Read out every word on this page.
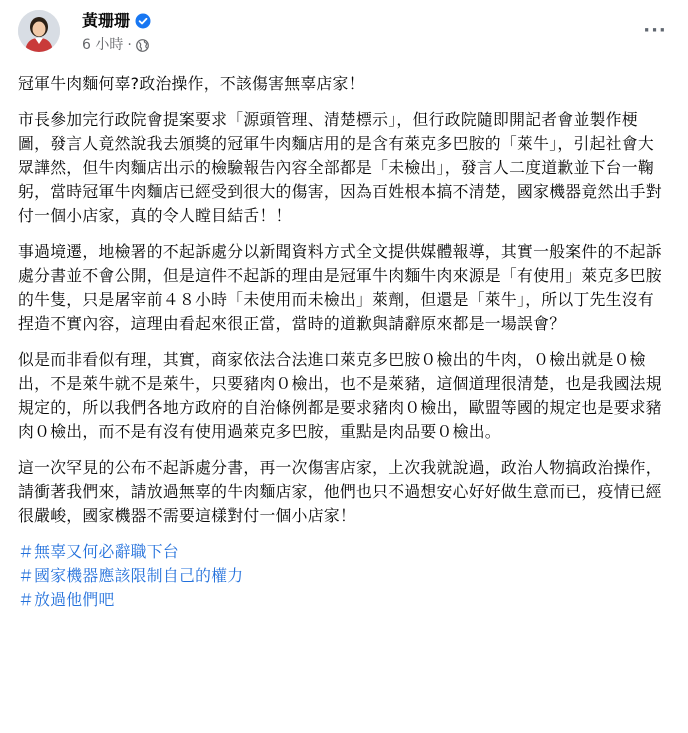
黃珊珊
6 小時 ·
···

冠軍牛肉麵何辜?政治操作，不該傷害無辜店家！

市長參加完行政院會提案要求「源頭管理、清楚標示」，但行政院隨即開記者會並製作梗圖，發言人竟然說我去頒獎的冠軍牛肉麵店用的是含有萊克多巴胺的「萊牛」，引起社會大眾譁然，但牛肉麵店出示的檢驗報告內容全部都是「未檢出」，發言人二度道歉並下台一鞠躬，當時冠軍牛肉麵店已經受到很大的傷害，因為百姓根本搞不清楚，國家機器竟然出手對付一個小店家，真的令人瞠目結舌！！

事過境遷，地檢署的不起訴處分以新聞資料方式全文提供媒體報導，其實一般案件的不起訴處分書並不會公開，但是這件不起訴的理由是冠軍牛肉麵牛肉來源是「有使用」萊克多巴胺的牛隻，只是屠宰前４８小時「未使用而未檢出」萊劑，但還是「萊牛」，所以丁先生沒有捏造不實內容，這理由看起來很正當，當時的道歉與請辭原來都是一場誤會？

似是而非看似有理，其實，商家依法合法進口萊克多巴胺０檢出的牛肉，０檢出就是０檢出，不是萊牛就不是萊牛，只要豬肉０檢出，也不是萊豬，這個道理很清楚，也是我國法規規定的，所以我們各地方政府的自治條例都是要求豬肉０檢出，歐盟等國的規定也是要求豬肉０檢出，而不是有沒有使用過萊克多巴胺，重點是肉品要０檢出。

這一次罕見的公布不起訴處分書，再一次傷害店家，上次我就說過，政治人物搞政治操作，請衝著我們來，請放過無辜的牛肉麵店家，他們也只不過想安心好好做生意而已，疫情已經很嚴峻，國家機器不需要這樣對付一個小店家！

＃無辜又何必辭職下台
＃國家機器應該限制自己的權力
＃放過他們吧
